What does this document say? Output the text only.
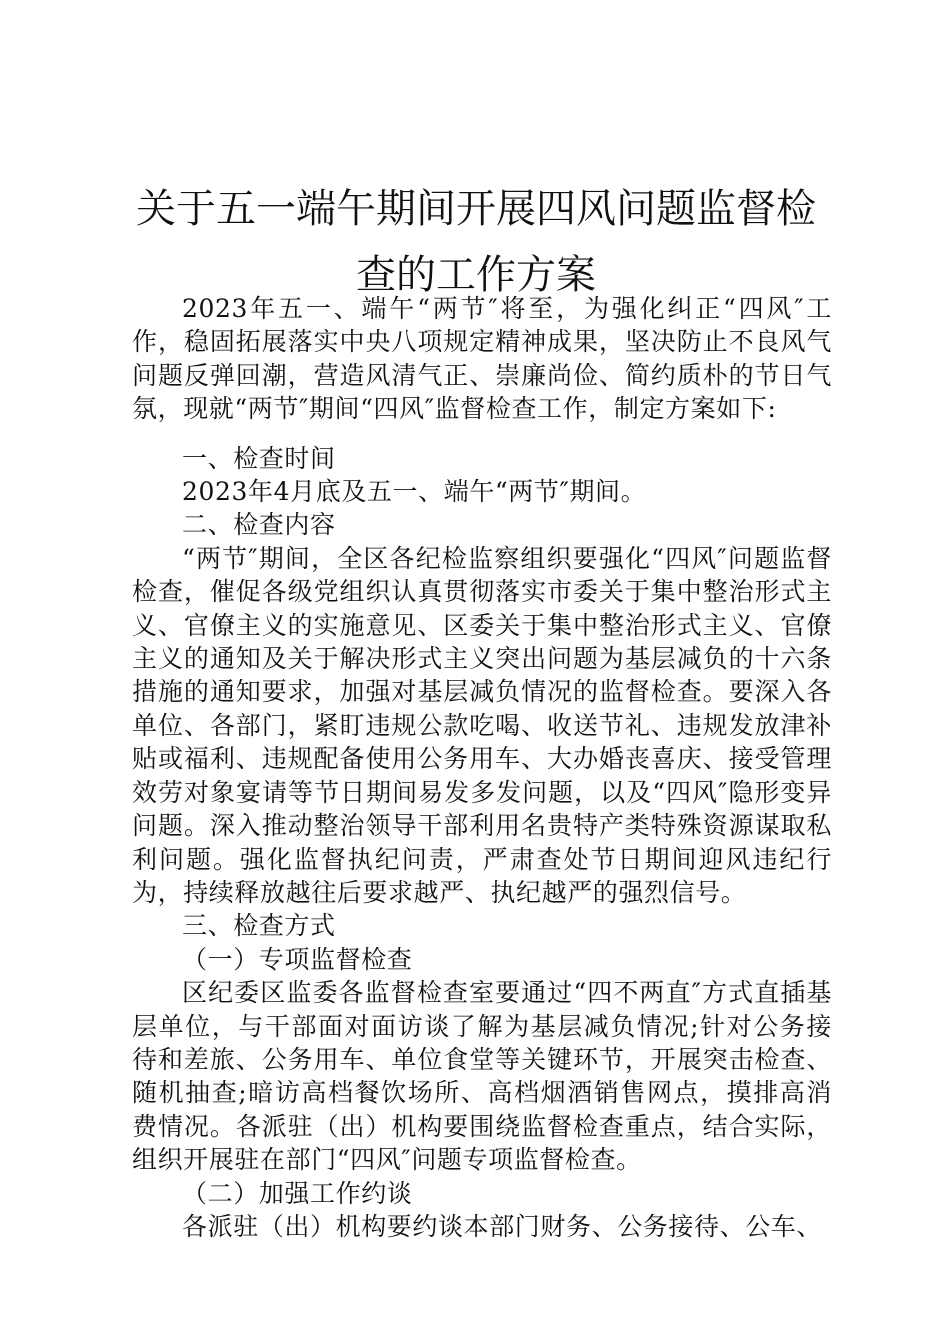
关于五一端午期间开展四风问题监督检查的工作方案

2023年五一、端午“两节″将至，为强化纠正“四风″工作，稳固拓展落实中央八项规定精神成果，坚决防止不良风气问题反弹回潮，营造风清气正、崇廉尚俭、简约质朴的节日气氛，现就“两节″期间“四风″监督检查工作，制定方案如下:

一、检查时间

2023年4月底及五一、端午“两节″期间。

二、检查内容

“两节″期间，全区各纪检监察组织要强化“四风″问题监督检查，催促各级党组织认真贯彻落实市委关于集中整治形式主义、官僚主义的实施意见、区委关于集中整治形式主义、官僚主义的通知及关于解决形式主义突出问题为基层减负的十六条措施的通知要求，加强对基层减负情况的监督检查。要深入各单位、各部门，紧盯违规公款吃喝、收送节礼、违规发放津补贴或福利、违规配备使用公务用车、大办婚丧喜庆、接受管理效劳对象宴请等节日期间易发多发问题，以及“四风″隐形变异问题。深入推动整治领导干部利用名贵特产类特殊资源谋取私利问题。强化监督执纪问责，严肃查处节日期间迎风违纪行为，持续释放越往后要求越严、执纪越严的强烈信号。

三、检查方式

（一）专项监督检查

区纪委区监委各监督检查室要通过“四不两直″方式直插基层单位，与干部面对面访谈了解为基层减负情况;针对公务接待和差旅、公务用车、单位食堂等关键环节，开展突击检查、随机抽查;暗访高档餐饮场所、高档烟酒销售网点，摸排高消费情况。各派驻（出）机构要围绕监督检查重点，结合实际，组织开展驻在部门“四风″问题专项监督检查。

（二）加强工作约谈

各派驻（出）机构要约谈本部门财务、公务接待、公车、
